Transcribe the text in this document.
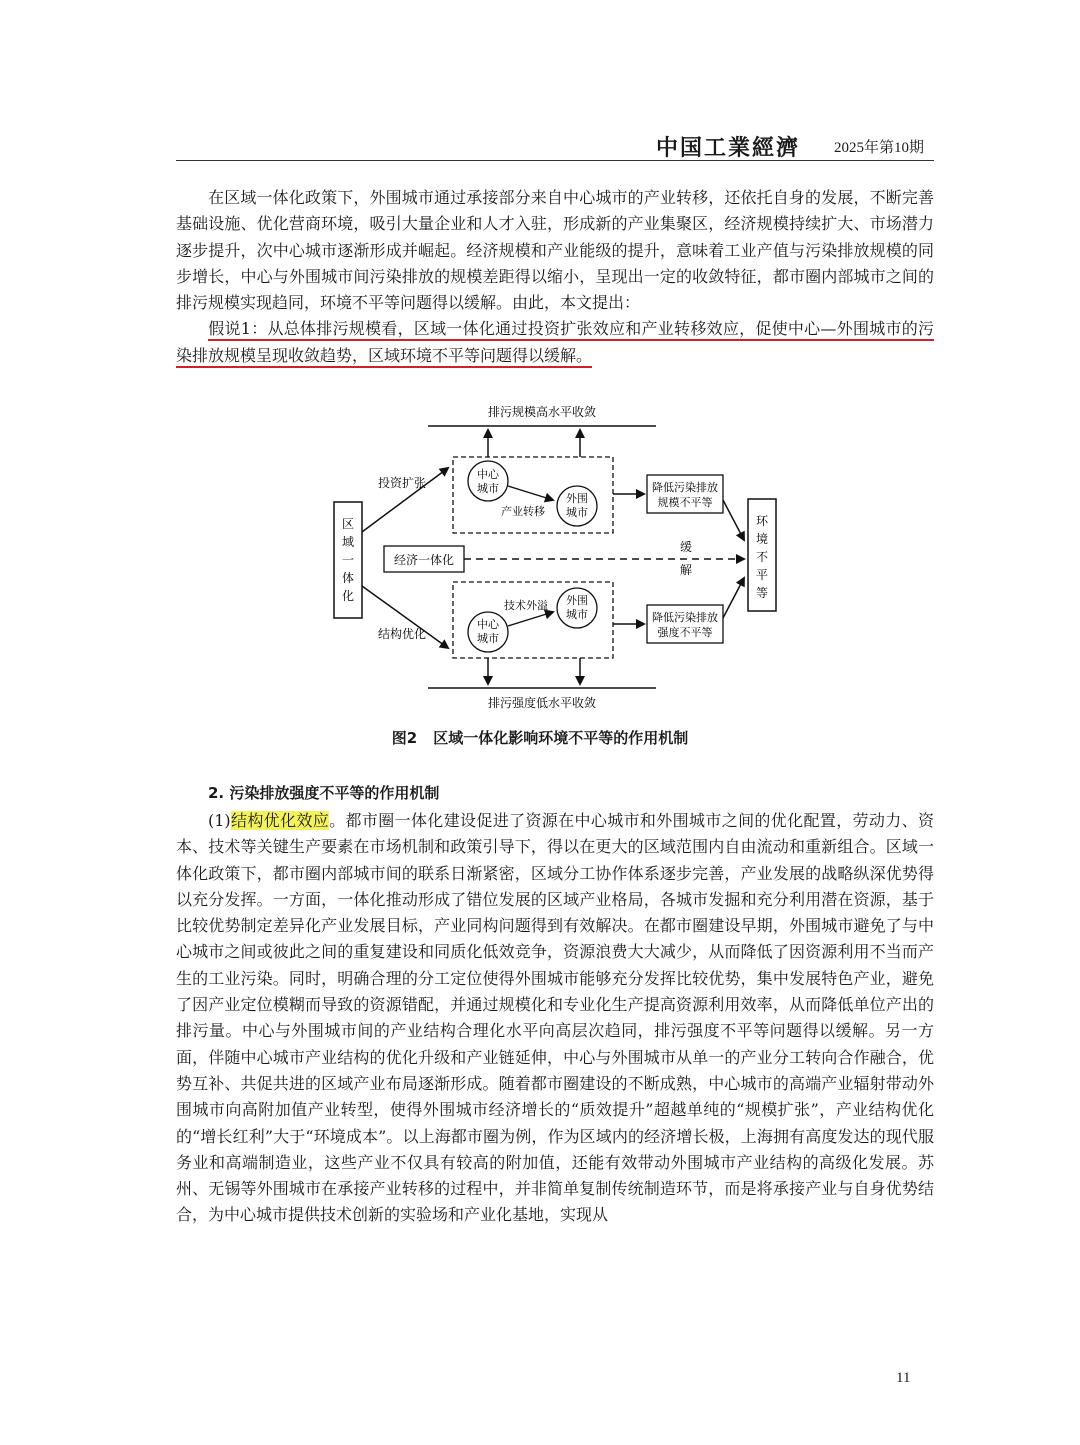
中国工業經濟 2025年第10期

在区域一体化政策下，外围城市通过承接部分来自中心城市的产业转移，还依托自身的发展，不断完善基础设施、优化营商环境，吸引大量企业和人才入驻，形成新的产业集聚区，经济规模持续扩大、市场潜力逐步提升，次中心城市逐渐形成并崛起。经济规模和产业能级的提升，意味着工业产值与污染排放规模的同步增长，中心与外围城市间污染排放的规模差距得以缩小，呈现出一定的收敛特征，都市圈内部城市之间的排污规模实现趋同，环境不平等问题得以缓解。由此，本文提出：
假说1：从总体排污规模看，区域一体化通过投资扩张效应和产业转移效应，促使中心—外围城市的污染排放规模呈现收敛趋势，区域环境不平等问题得以缓解。

排污规模高水平收敛
排污强度低水平收敛
区
域
一
体
化
投资扩张
结构优化
中心
城市
外围
城市
产业转移
中心
城市
外围
城市
技术外溢
经济一体化
缓
解
降低污染排放
规模不平等
降低污染排放
强度不平等
环
境
不
平
等
图2 区域一体化影响环境不平等的作用机制
2. 污染排放强度不平等的作用机制

(1)结构优化效应。都市圈一体化建设促进了资源在中心城市和外围城市之间的优化配置，劳动力、资本、技术等关键生产要素在市场机制和政策引导下，得以在更大的区域范围内自由流动和重新组合。区域一体化政策下，都市圈内部城市间的联系日渐紧密，区域分工协作体系逐步完善，产业发展的战略纵深优势得以充分发挥。一方面，一体化推动形成了错位发展的区域产业格局，各城市发掘和充分利用潜在资源，基于比较优势制定差异化产业发展目标，产业同构问题得到有效解决。在都市圈建设早期，外围城市避免了与中心城市之间或彼此之间的重复建设和同质化低效竞争，资源浪费大大减少，从而降低了因资源利用不当而产生的工业污染。同时，明确合理的分工定位使得外围城市能够充分发挥比较优势，集中发展特色产业，避免了因产业定位模糊而导致的资源错配，并通过规模化和专业化生产提高资源利用效率，从而降低单位产出的排污量。中心与外围城市间的产业结构合理化水平向高层次趋同，排污强度不平等问题得以缓解。另一方面，伴随中心城市产业结构的优化升级和产业链延伸，中心与外围城市从单一的产业分工转向合作融合，优势互补、共促共进的区域产业布局逐渐形成。随着都市圈建设的不断成熟，中心城市的高端产业辐射带动外围城市向高附加值产业转型，使得外围城市经济增长的“质效提升”超越单纯的“规模扩张”，产业结构优化的“增长红利”大于“环境成本”。以上海都市圈为例，作为区域内的经济增长极，上海拥有高度发达的现代服务业和高端制造业，这些产业不仅具有较高的附加值，还能有效带动外围城市产业结构的高级化发展。苏州、无锡等外围城市在承接产业转移的过程中，并非简单复制传统制造环节，而是将承接产业与自身优势结合，为中心城市提供技术创新的实验场和产业化基地，实现从

11
